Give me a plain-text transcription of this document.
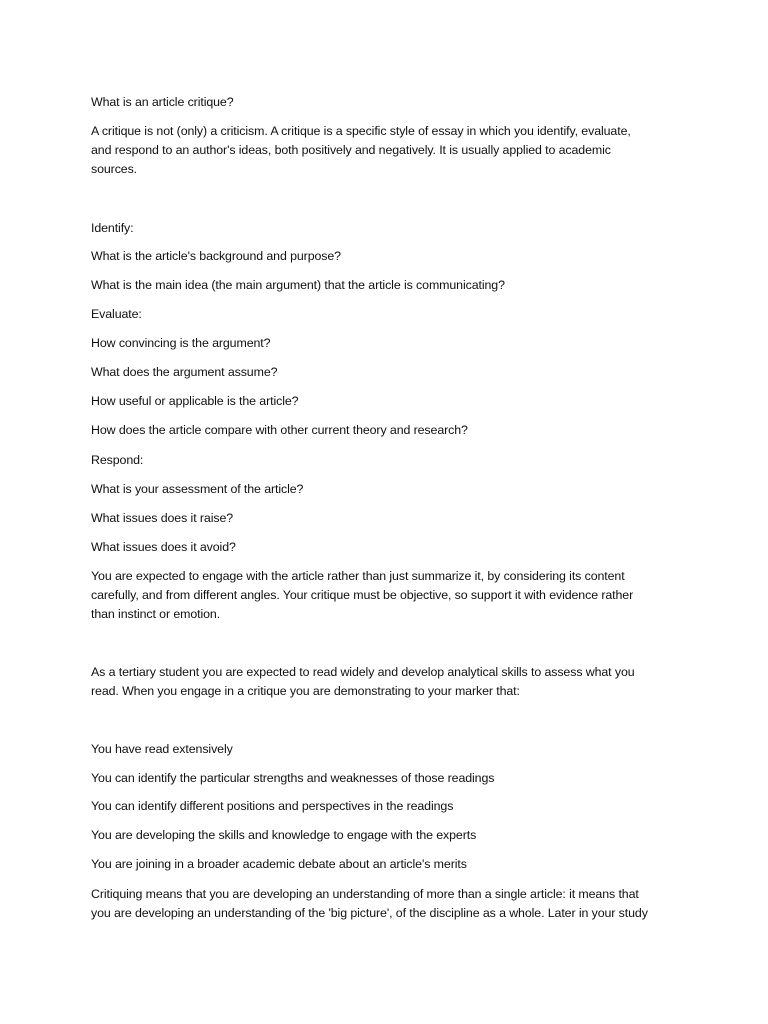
What is an article critique?
A critique is not (only) a criticism. A critique is a specific style of essay in which you identify, evaluate,
and respond to an author's ideas, both positively and negatively. It is usually applied to academic
sources.
Identify:
What is the article's background and purpose?
What is the main idea (the main argument) that the article is communicating?
Evaluate:
How convincing is the argument?
What does the argument assume?
How useful or applicable is the article?
How does the article compare with other current theory and research?
Respond:
What is your assessment of the article?
What issues does it raise?
What issues does it avoid?
You are expected to engage with the article rather than just summarize it, by considering its content
carefully, and from different angles. Your critique must be objective, so support it with evidence rather
than instinct or emotion.
As a tertiary student you are expected to read widely and develop analytical skills to assess what you
read. When you engage in a critique you are demonstrating to your marker that:
You have read extensively
You can identify the particular strengths and weaknesses of those readings
You can identify different positions and perspectives in the readings
You are developing the skills and knowledge to engage with the experts
You are joining in a broader academic debate about an article's merits
Critiquing means that you are developing an understanding of more than a single article: it means that
you are developing an understanding of the 'big picture', of the discipline as a whole. Later in your study
